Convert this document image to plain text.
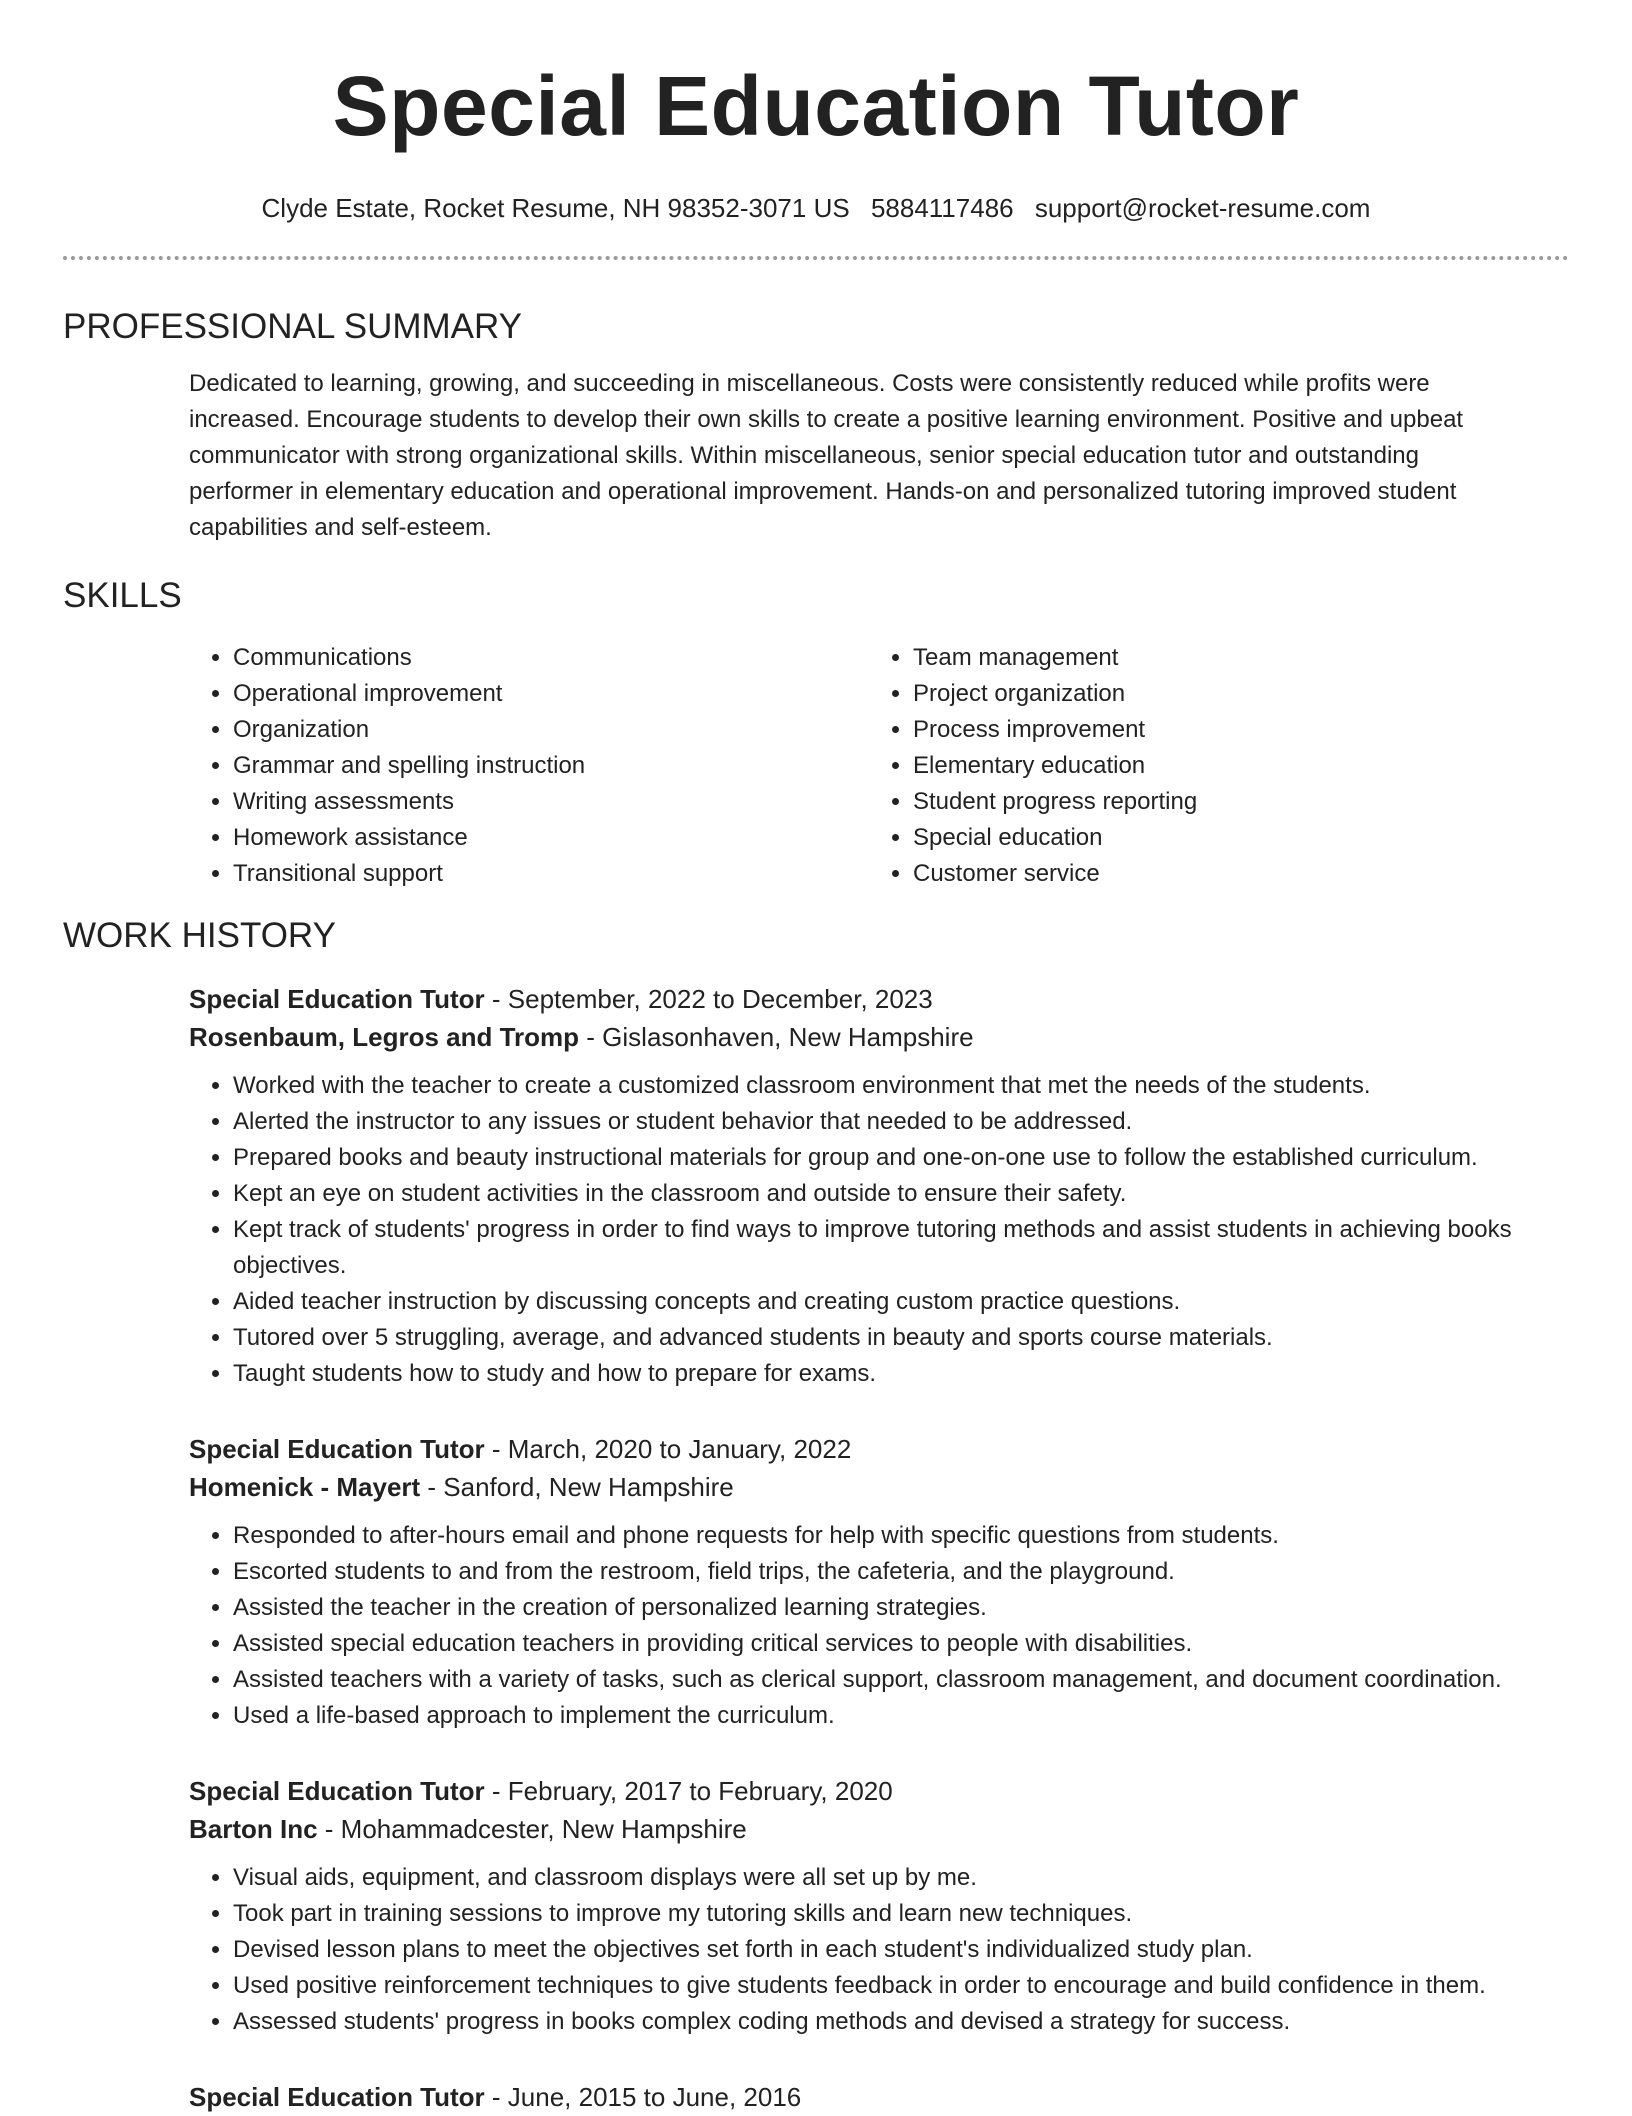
Special Education Tutor
Clyde Estate, Rocket Resume, NH 98352-3071 US 5884117486 support@rocket-resume.com
PROFESSIONAL SUMMARY

Dedicated to learning, growing, and succeeding in miscellaneous. Costs were consistently reduced while profits were increased. Encourage students to develop their own skills to create a positive learning environment. Positive and upbeat communicator with strong organizational skills. Within miscellaneous, senior special education tutor and outstanding performer in elementary education and operational improvement. Hands-on and personalized tutoring improved student capabilities and self-esteem.

SKILLS
• Communications
• Operational improvement
• Organization
• Grammar and spelling instruction
• Writing assessments
• Homework assistance
• Transitional support
• Team management
• Project organization
• Process improvement
• Elementary education
• Student progress reporting
• Special education
• Customer service
WORK HISTORY
Special Education Tutor - September, 2022 to December, 2023
Rosenbaum, Legros and Tromp - Gislasonhaven, New Hampshire
• Worked with the teacher to create a customized classroom environment that met the needs of the students.
• Alerted the instructor to any issues or student behavior that needed to be addressed.
• Prepared books and beauty instructional materials for group and one-on-one use to follow the established curriculum.
• Kept an eye on student activities in the classroom and outside to ensure their safety.
• Kept track of students' progress in order to find ways to improve tutoring methods and assist students in achieving books objectives.
• Aided teacher instruction by discussing concepts and creating custom practice questions.
• Tutored over 5 struggling, average, and advanced students in beauty and sports course materials.
• Taught students how to study and how to prepare for exams.
Special Education Tutor - March, 2020 to January, 2022
Homenick - Mayert - Sanford, New Hampshire
• Responded to after-hours email and phone requests for help with specific questions from students.
• Escorted students to and from the restroom, field trips, the cafeteria, and the playground.
• Assisted the teacher in the creation of personalized learning strategies.
• Assisted special education teachers in providing critical services to people with disabilities.
• Assisted teachers with a variety of tasks, such as clerical support, classroom management, and document coordination.
• Used a life-based approach to implement the curriculum.
Special Education Tutor - February, 2017 to February, 2020
Barton Inc - Mohammadcester, New Hampshire
• Visual aids, equipment, and classroom displays were all set up by me.
• Took part in training sessions to improve my tutoring skills and learn new techniques.
• Devised lesson plans to meet the objectives set forth in each student's individualized study plan.
• Used positive reinforcement techniques to give students feedback in order to encourage and build confidence in them.
• Assessed students' progress in books complex coding methods and devised a strategy for success.
Special Education Tutor - June, 2015 to June, 2016
